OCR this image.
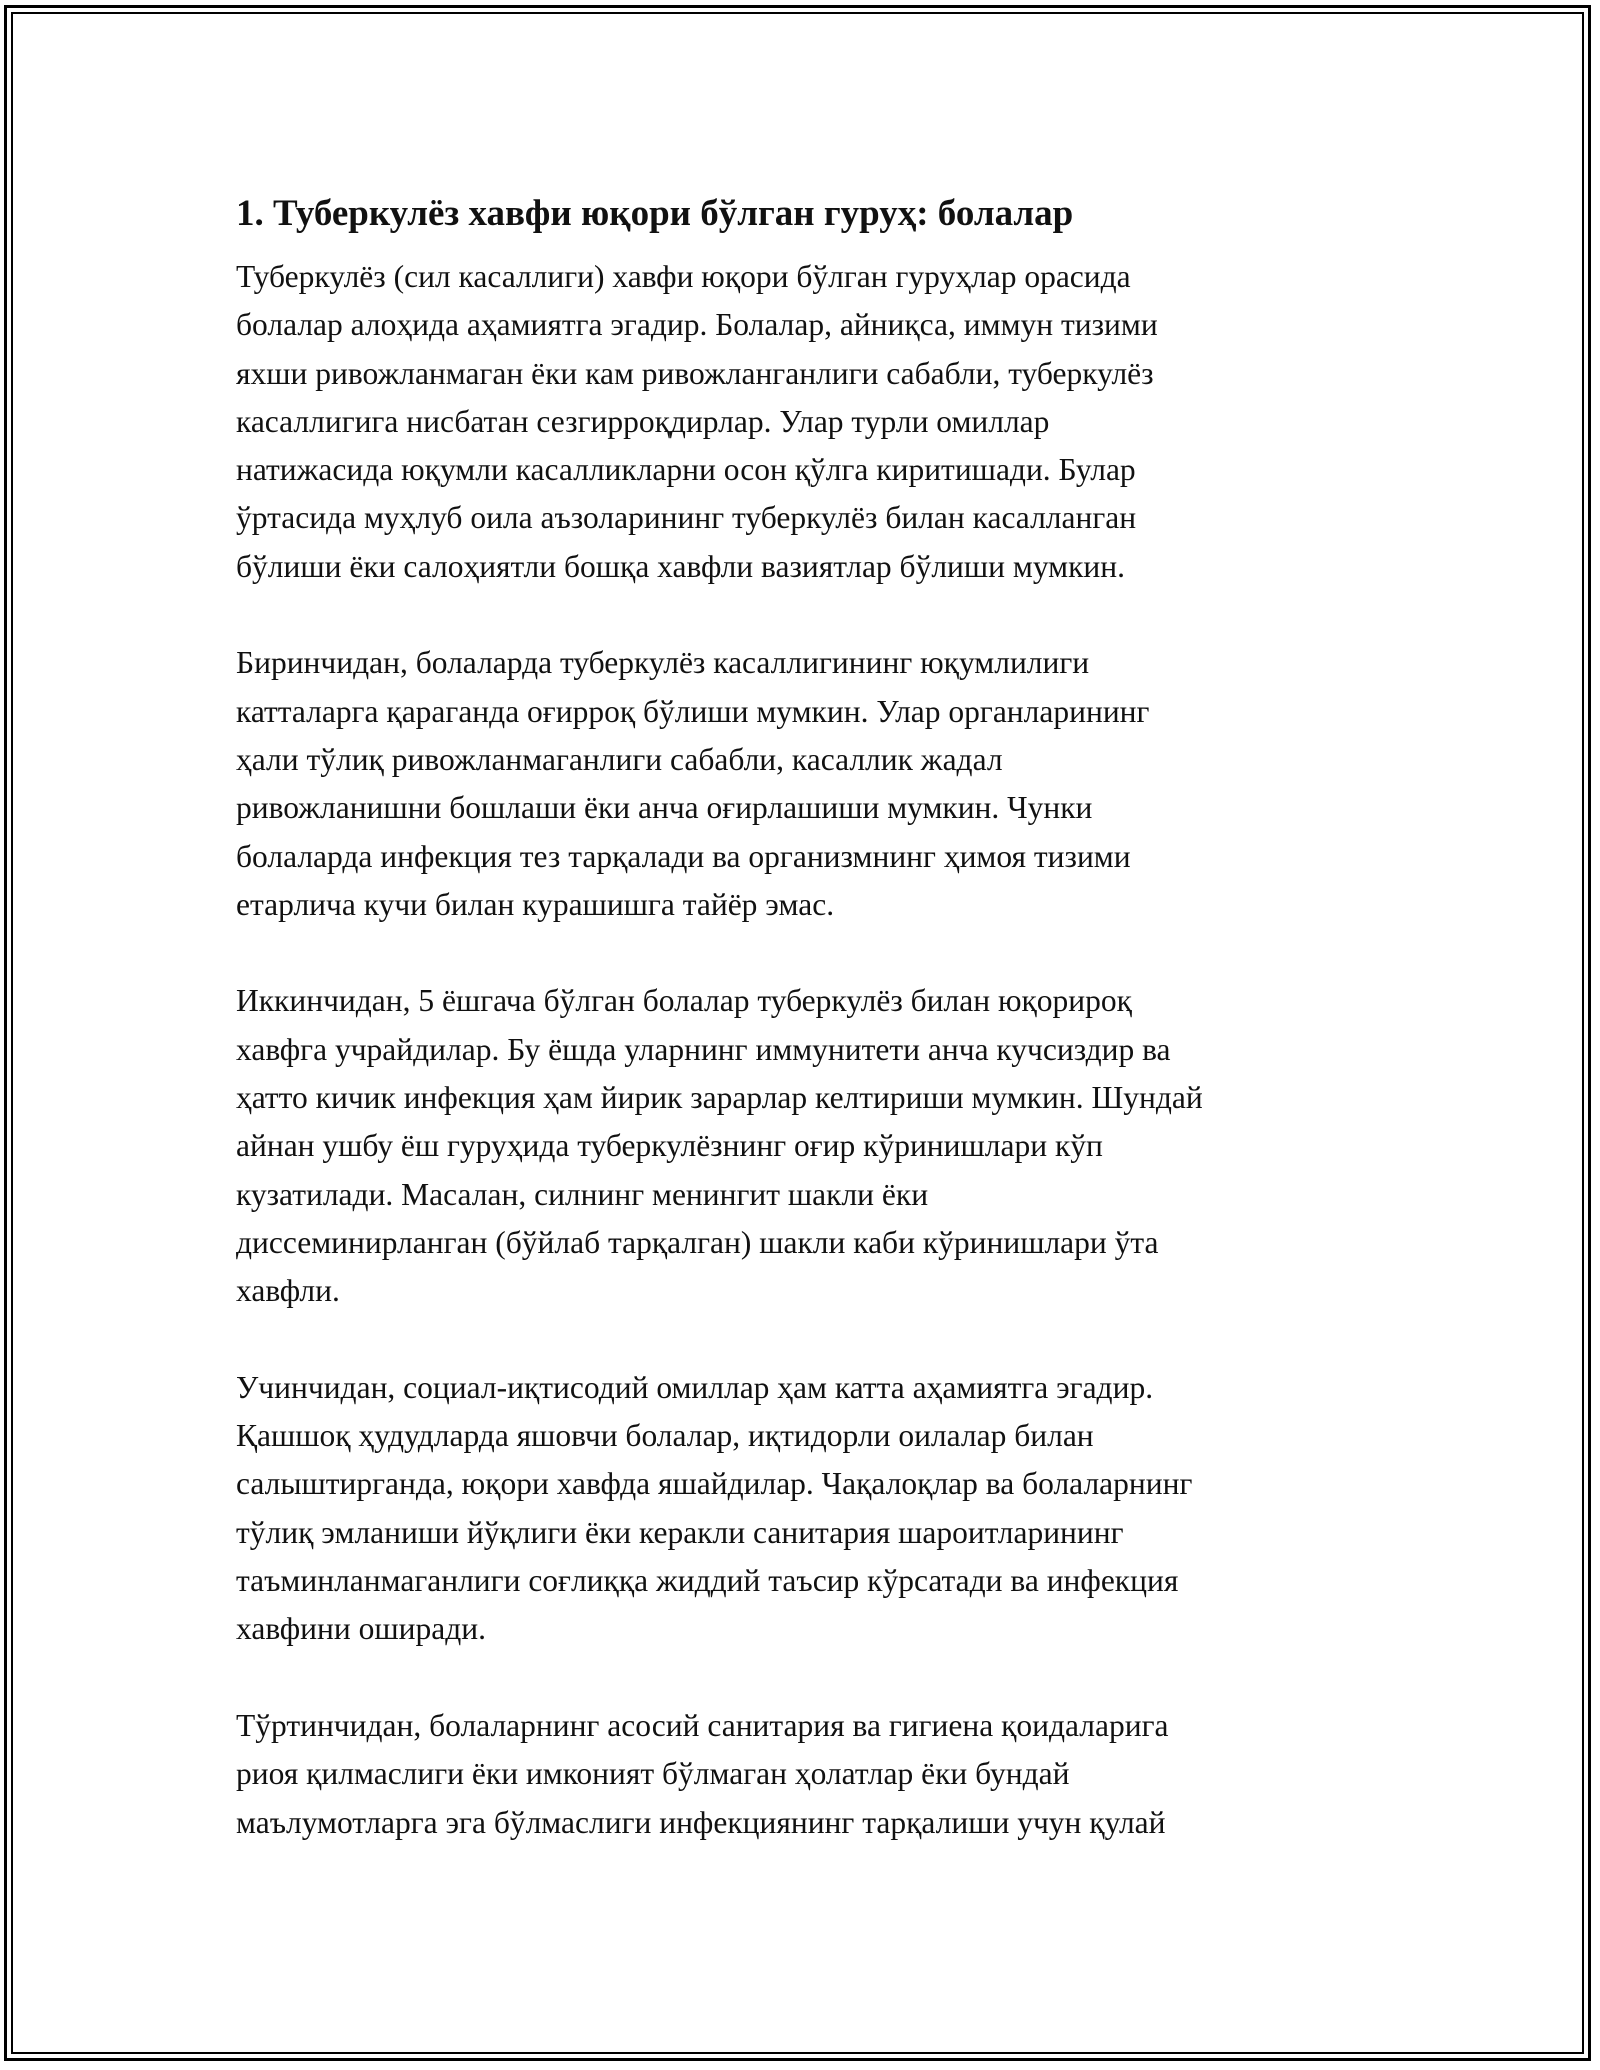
1. Туберкулёз хавфи юқори бўлган гуруҳ: болалар
Туберкулёз (сил касаллиги) хавфи юқори бўлган гуруҳлар орасида
болалар алоҳида аҳамиятга эгадир. Болалар, айниқса, иммун тизими
яхши ривожланмаган ёки кам ривожланганлиги сабабли, туберкулёз
касаллигига нисбатан сезгирроқдирлар. Улар турли омиллар
натижасида юқумли касалликларни осон қўлга киритишади. Булар
ўртасида муҳлуб оила аъзоларининг туберкулёз билан касалланган
бўлиши ёки салоҳиятли бошқа хавфли вазиятлар бўлиши мумкин.
Биринчидан, болаларда туберкулёз касаллигининг юқумлилиги
катталарга қараганда оғирроқ бўлиши мумкин. Улар органларининг
ҳали тўлиқ ривожланмаганлиги сабабли, касаллик жадал
ривожланишни бошлаши ёки анча оғирлашиши мумкин. Чунки
болаларда инфекция тез тарқалади ва организмнинг ҳимоя тизими
етарлича кучи билан курашишга тайёр эмас.
Иккинчидан, 5 ёшгача бўлган болалар туберкулёз билан юқорироқ
хавфга учрайдилар. Бу ёшда уларнинг иммунитети анча кучсиздир ва
ҳатто кичик инфекция ҳам йирик зарарлар келтириши мумкин. Шундай
айнан ушбу ёш гуруҳида туберкулёзнинг оғир кўринишлари кўп
кузатилади. Масалан, силнинг менингит шакли ёки
диссеминирланган (бўйлаб тарқалган) шакли каби кўринишлари ўта
хавфли.
Учинчидан, социал-иқтисодий омиллар ҳам катта аҳамиятга эгадир.
Қашшоқ ҳудудларда яшовчи болалар, иқтидорли оилалар билан
салыштирганда, юқори хавфда яшайдилар. Чақалоқлар ва болаларнинг
тўлиқ эмланиши йўқлиги ёки керакли санитария шароитларининг
таъминланмаганлиги соғлиққа жиддий таъсир кўрсатади ва инфекция
хавфини оширади.
Тўртинчидан, болаларнинг асосий санитария ва гигиена қоидаларига
риоя қилмаслиги ёки имконият бўлмаган ҳолатлар ёки бундай
маълумотларга эга бўлмаслиги инфекциянинг тарқалиши учун қулай
